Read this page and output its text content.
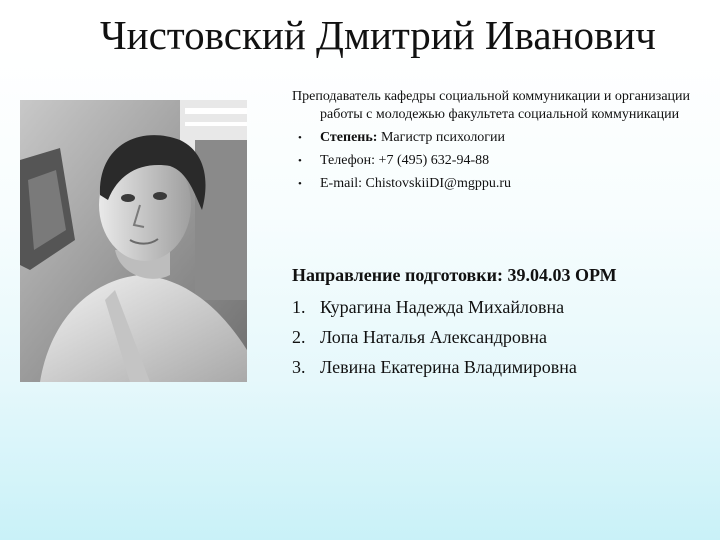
Чистовский Дмитрий Иванович

Преподаватель кафедры социальной коммуникации и организации работы с молодежью факультета социальной коммуникации

• Степень: Магистр психологии
• Телефон: +7 (495) 632-94-88
• E-mail: ChistovskiiDI@mgppu.ru

Направление подготовки: 39.04.03 ОРМ

1. Курагина Надежда Михайловна
2. Лопа Наталья Александровна
3. Левина Екатерина Владимировна
